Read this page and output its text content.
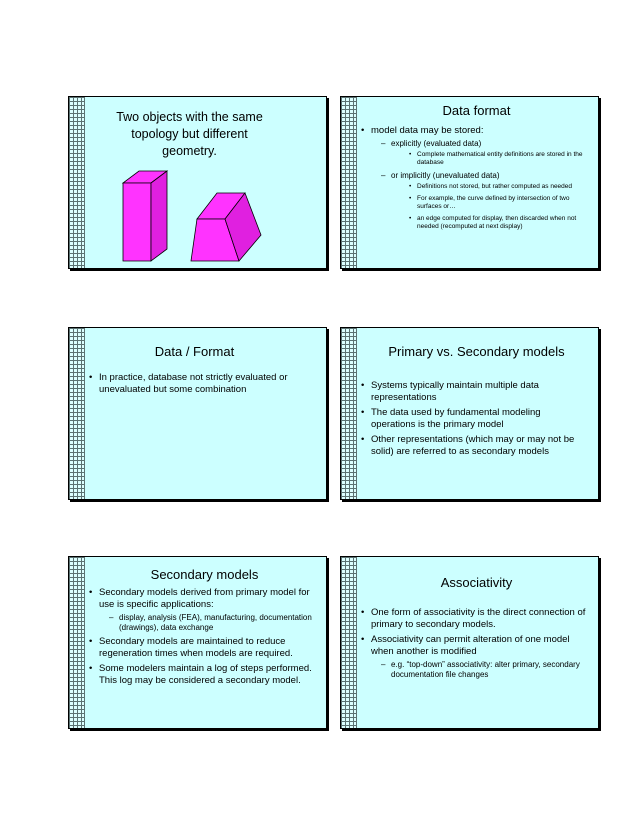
Two objects with the same
topology but different
geometry.
Data format
• model data may be stored:
– explicitly (evaluated data)
• Complete mathematical entity definitions are stored in the database
– or implicitly (unevaluated data)
• Definitions not stored, but rather computed as needed
• For example, the curve defined by intersection of two surfaces or…
• an edge computed for display, then discarded when not needed (recomputed at next display)
Data / Format
• In practice, database not strictly evaluated or unevaluated but some combination
Primary vs. Secondary models
• Systems typically maintain multiple data representations
• The data used by fundamental modeling operations is the primary model
• Other representations (which may or may not be solid) are referred to as secondary models
Secondary models
• Secondary models derived from primary model for use is specific applications:
– display, analysis (FEA), manufacturing, documentation (drawings), data exchange
• Secondary models are maintained to reduce regeneration times when models are required.
• Some modelers maintain a log of steps performed. This log may be considered a secondary model.
Associativity
• One form of associativity is the direct connection of primary to secondary models.
• Associativity can permit alteration of one model when another is modified
– e.g. “top-down” associativity: alter primary, secondary documentation file changes
